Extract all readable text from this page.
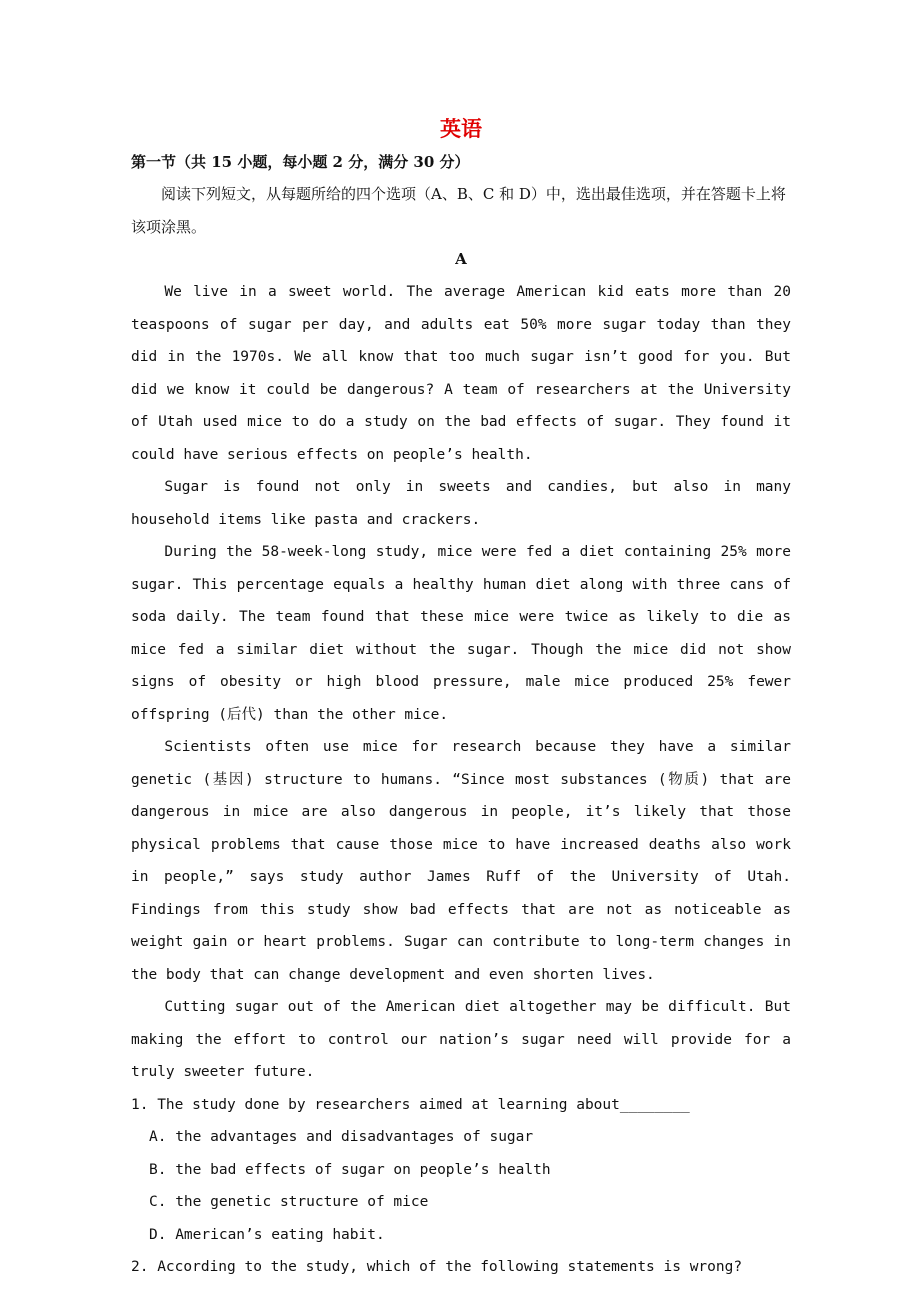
英语

第一节（共 15 小题，每小题 2 分，满分 30 分）

阅读下列短文，从每题所给的四个选项（A、B、C 和 D）中，选出最佳选项，并在答题卡上将该项涂黑。

A

We live in a sweet world. The average American kid eats more than 20 teaspoons of sugar per day, and adults eat 50% more sugar today than they did in the 1970s. We all know that too much sugar isn’t good for you. But did we know it could be dangerous? A team of researchers at the University of Utah used mice to do a study on the bad effects of sugar. They found it could have serious effects on people’s health.

Sugar is found not only in sweets and candies, but also in many household items like pasta and crackers.

During the 58-week-long study, mice were fed a diet containing 25% more sugar. This percentage equals a healthy human diet along with three cans of soda daily. The team found that these mice were twice as likely to die as mice fed a similar diet without the sugar. Though the mice did not show signs of obesity or high blood pressure, male mice produced 25% fewer offspring (后代) than the other mice.

Scientists often use mice for research because they have a similar genetic (基因) structure to humans. “Since most substances (物质) that are dangerous in mice are also dangerous in people, it’s likely that those physical problems that cause those mice to have increased deaths also work in people,” says study author James Ruff of the University of Utah. Findings from this study show bad effects that are not as noticeable as weight gain or heart problems. Sugar can contribute to long-term changes in the body that can change development and even shorten lives.

Cutting sugar out of the American diet altogether may be difficult. But making the effort to control our nation’s sugar need will provide for a truly sweeter future.

1. The study done by researchers aimed at learning about________

A. the advantages and disadvantages of sugar

B. the bad effects of sugar on people’s health

C. the genetic structure of mice

D. American’s eating habit.

2. According to the study, which of the following statements is wrong?
